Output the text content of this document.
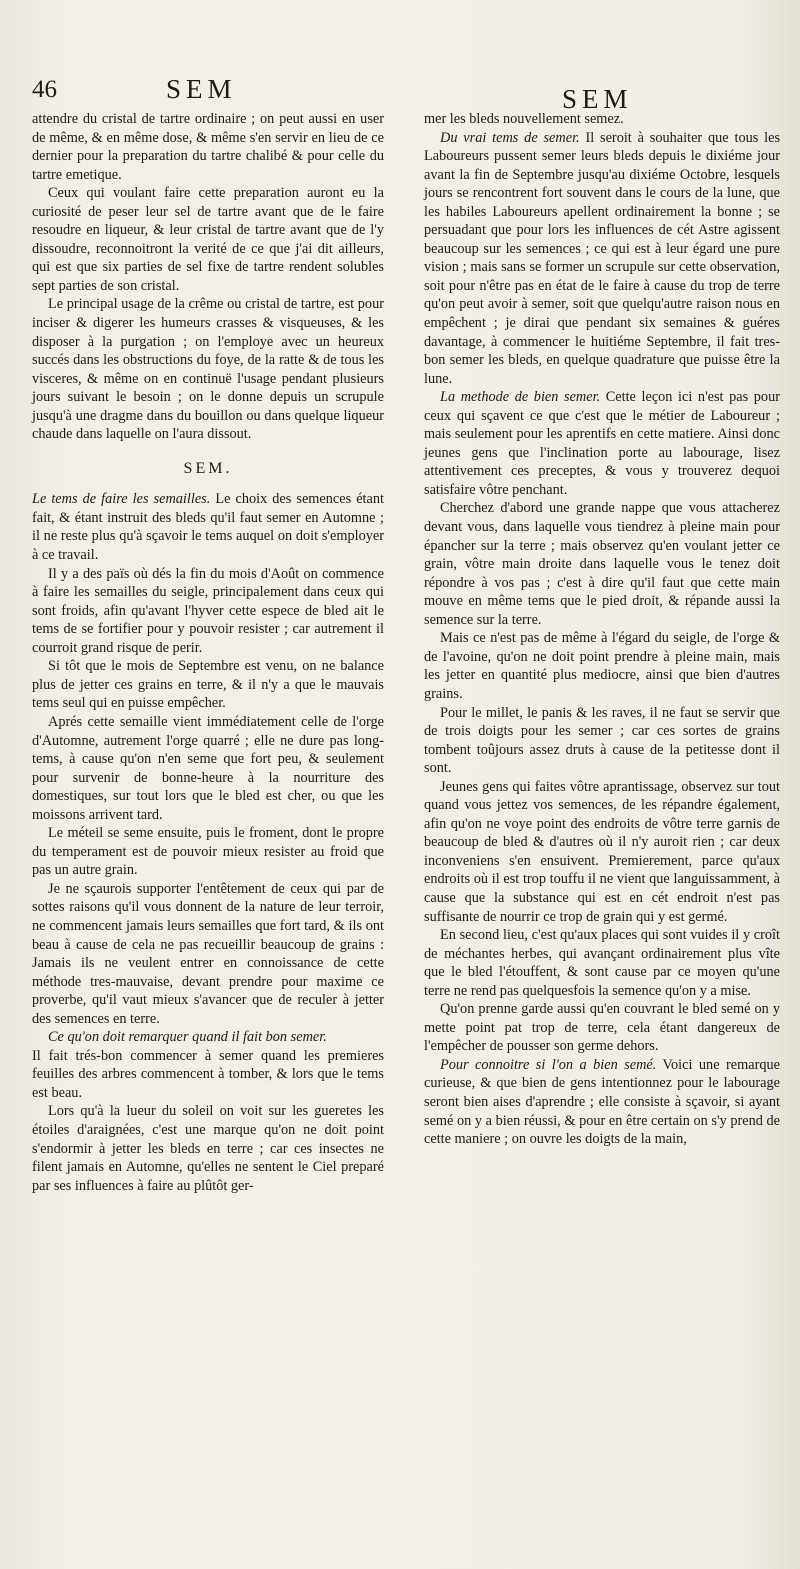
46	SEM	SEM

attendre du cristal de tartre ordinaire ; on peut aussi en user de même, & en même dose, & même s'en servir en lieu de ce dernier pour la preparation du tartre chalibé & pour celle du tartre emetique.

Ceux qui voulant faire cette preparation auront eu la curiosité de peser leur sel de tartre avant que de le faire resoudre en liqueur, & leur cristal de tartre avant que de l'y dissoudre, reconnoitront la verité de ce que j'ai dit ailleurs, qui est que six parties de sel fixe de tartre rendent solubles sept parties de son cristal.

Le principal usage de la crême ou cristal de tartre, est pour inciser & digerer les humeurs crasses & visqueuses, & les disposer à la purgation ; on l'employe avec un heureux succés dans les obstructions du foye, de la ratte & de tous les visceres, & même on en continuë l'usage pendant plusieurs jours suivant le besoin ; on le donne depuis un scrupule jusqu'à une dragme dans du bouillon ou dans quelque liqueur chaude dans laquelle on l'aura dissout.

SEM.

Le tems de faire les semailles. Le choix des semences étant fait, & étant instruit des bleds qu'il faut semer en Automne ; il ne reste plus qu'à sçavoir le tems auquel on doit s'employer à ce travail.

Il y a des païs où dés la fin du mois d'Août on commence à faire les semailles du seigle, principalement dans ceux qui sont froids, afin qu'avant l'hyver cette espece de bled ait le tems de se fortifier pour y pouvoir resister ; car autrement il courroit grand risque de perir.

Si tôt que le mois de Septembre est venu, on ne balance plus de jetter ces grains en terre, & il n'y a que le mauvais tems seul qui en puisse empêcher.

Aprés cette semaille vient immédiatement celle de l'orge d'Automne, autrement l'orge quarré ; elle ne dure pas long-tems, à cause qu'on n'en seme que fort peu, & seulement pour survenir de bonne-heure à la nourriture des domestiques, sur tout lors que le bled est cher, ou que les moissons arrivent tard.

Le méteil se seme ensuite, puis le froment, dont le propre du temperament est de pouvoir mieux resister au froid que pas un autre grain.

Je ne sçaurois supporter l'entêtement de ceux qui par de sottes raisons qu'il vous donnent de la nature de leur terroir, ne commencent jamais leurs semailles que fort tard, & ils ont beau à cause de cela ne pas recueillir beaucoup de grains : Jamais ils ne veulent entrer en connoissance de cette méthode tres-mauvaise, devant prendre pour maxime ce proverbe, qu'il vaut mieux s'avancer que de reculer à jetter des semences en terre.

Ce qu'on doit remarquer quand il fait bon semer.

Il fait trés-bon commencer à semer quand les premieres feuilles des arbres commencent à tomber, & lors que le tems est beau.

Lors qu'à la lueur du soleil on voit sur les gueretes les étoiles d'araignées, c'est une marque qu'on ne doit point s'endormir à jetter les bleds en terre ; car ces insectes ne filent jamais en Automne, qu'elles ne sentent le Ciel preparé par ses influences à faire au plûtôt ger-

mer les bleds nouvellement semez.

Du vrai tems de semer. Il seroit à souhaiter que tous les Laboureurs pussent semer leurs bleds depuis le dixiéme jour avant la fin de Septembre jusqu'au dixiéme Octobre, lesquels jours se rencontrent fort souvent dans le cours de la lune, que les habiles Laboureurs apellent ordinairement la bonne ; se persuadant que pour lors les influences de cét Astre agissent beaucoup sur les semences ; ce qui est à leur égard une pure vision ; mais sans se former un scrupule sur cette observation, soit pour n'être pas en état de le faire à cause du trop de terre qu'on peut avoir à semer, soit que quelqu'autre raison nous en empêchent ; je dirai que pendant six semaines & guéres davantage, à commencer le huitiéme Septembre, il fait tres-bon semer les bleds, en quelque quadrature que puisse être la lune.

La methode de bien semer. Cette leçon ici n'est pas pour ceux qui sçavent ce que c'est que le métier de Laboureur ; mais seulement pour les aprentifs en cette matiere. Ainsi donc jeunes gens que l'inclination porte au labourage, lisez attentivement ces preceptes, & vous y trouverez dequoi satisfaire vôtre penchant.

Cherchez d'abord une grande nappe que vous attacherez devant vous, dans laquelle vous tiendrez à pleine main pour épancher sur la terre ; mais observez qu'en voulant jetter ce grain, vôtre main droite dans laquelle vous le tenez doit répondre à vos pas ; c'est à dire qu'il faut que cette main mouve en même tems que le pied droit, & répande aussi la semence sur la terre.

Mais ce n'est pas de même à l'égard du seigle, de l'orge & de l'avoine, qu'on ne doit point prendre à pleine main, mais les jetter en quantité plus mediocre, ainsi que bien d'autres grains.

Pour le millet, le panis & les raves, il ne faut se servir que de trois doigts pour les semer ; car ces sortes de grains tombent toûjours assez druts à cause de la petitesse dont il sont.

Jeunes gens qui faites vôtre aprantissage, observez sur tout quand vous jettez vos semences, de les répandre également, afin qu'on ne voye point des endroits de vôtre terre garnis de beaucoup de bled & d'autres où il n'y auroit rien ; car deux inconveniens s'en ensuivent. Premierement, parce qu'aux endroits où il est trop touffu il ne vient que languissamment, à cause que la substance qui est en cét endroit n'est pas suffisante de nourrir ce trop de grain qui y est germé.

En second lieu, c'est qu'aux places qui sont vuides il y croît de méchantes herbes, qui avançant ordinairement plus vîte que le bled l'étouffent, & sont cause par ce moyen qu'une terre ne rend pas quelquesfois la semence qu'on y a mise.

Qu'on prenne garde aussi qu'en couvrant le bled semé on y mette point pat trop de terre, cela étant dangereux de l'empêcher de pousser son germe dehors.

Pour connoitre si l'on a bien semé. Voici une remarque curieuse, & que bien de gens intentionnez pour le labourage seront bien aises d'aprendre ; elle consiste à sçavoir, si ayant semé on y a bien réussi, & pour en être certain on s'y prend de cette maniere ; on ouvre les doigts de la main,
